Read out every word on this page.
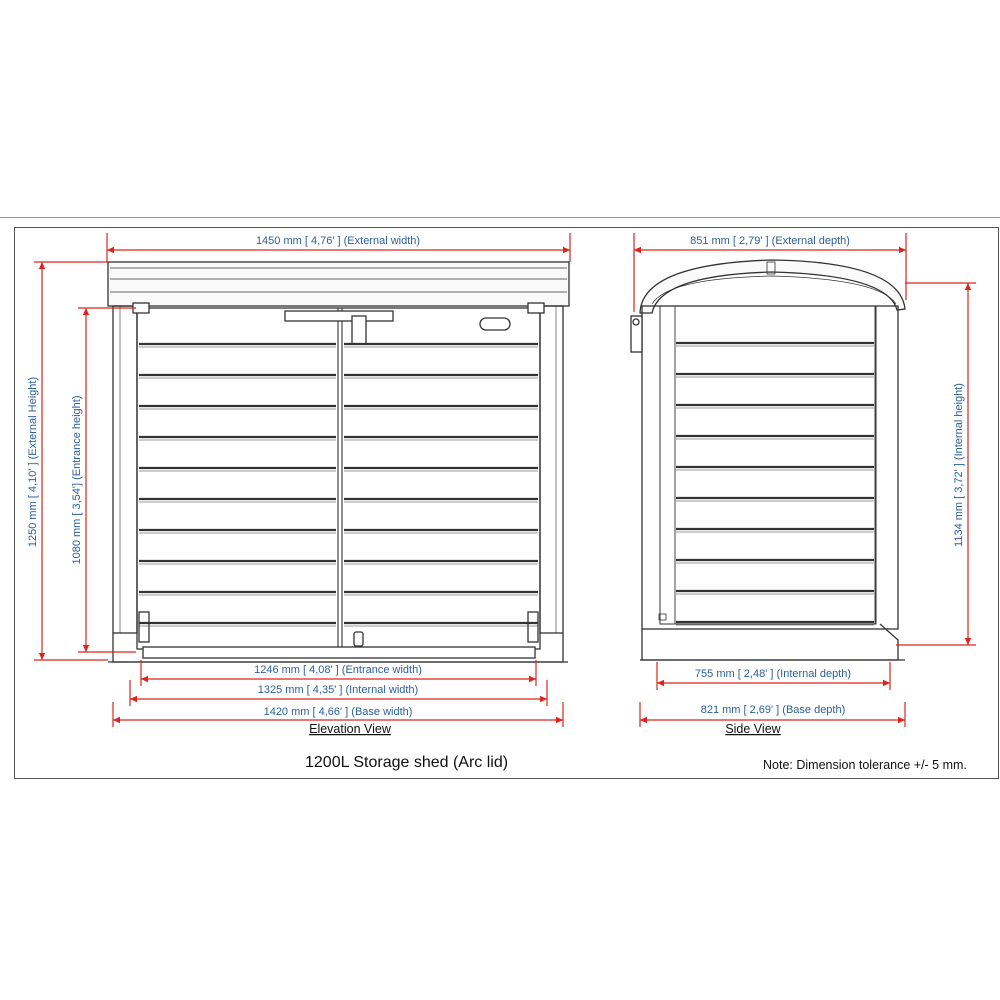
1450 mm [ 4,76' ] (External width)
1250 mm [ 4,10' ] (External Height)	1080 mm [ 3,54'] (Entrance height)
1246 mm [ 4,08' ] (Entrance width)
1325 mm [ 4,35' ] (Internal width)
1420 mm [ 4,66' ] (Base width)
851 mm [ 2,79' ] (External depth)
1134 mm [ 3,72' ] (Internal height)
755 mm [ 2,48' ] (Internal depth)
821 mm [ 2,69' ] (Base depth)
Elevation View	Side View
1200L Storage shed (Arc lid)	Note: Dimension tolerance +/- 5 mm.
